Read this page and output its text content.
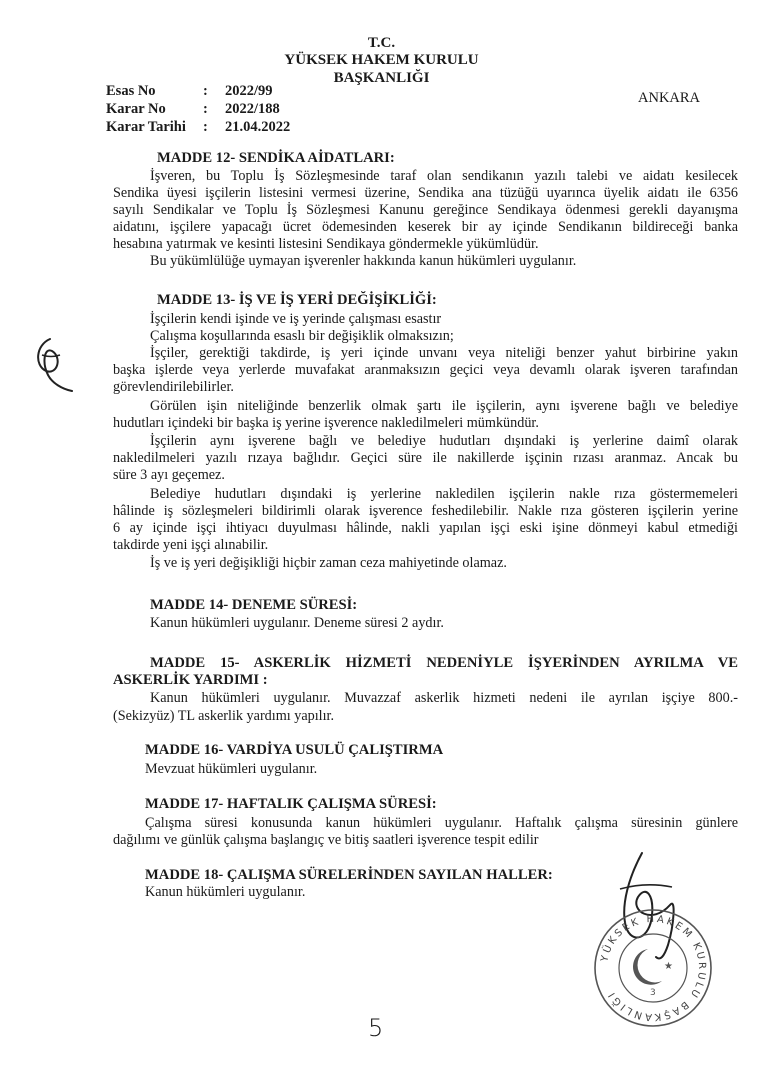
T.C.
YÜKSEK HAKEM KURULU
BAŞKANLIĞI
ANKARA
Esas No	: 2022/99
Karar No	: 2022/188
Karar Tarihi : 21.04.2022
MADDE 12- SENDİKA AİDATLARI:
İşveren, bu Toplu İş Sözleşmesinde taraf olan sendikanın yazılı talebi ve aidatı kesilecek
Sendika üyesi işçilerin listesini vermesi üzerine, Sendika ana tüzüğü uyarınca üyelik aidatı ile 6356
sayılı Sendikalar ve Toplu İş Sözleşmesi Kanunu gereğince Sendikaya ödenmesi gerekli dayanışma
aidatını, işçilere yapacağı ücret ödemesinden keserek bir ay içinde Sendikanın bildireceği banka
hesabına yatırmak ve kesinti listesini Sendikaya göndermekle yükümlüdür.
Bu yükümlülüğe uymayan işverenler hakkında kanun hükümleri uygulanır.
MADDE 13- İŞ VE İŞ YERİ DEĞİŞİKLİĞİ:
İşçilerin kendi işinde ve iş yerinde çalışması esastır
Çalışma koşullarında esaslı bir değişiklik olmaksızın;
İşçiler, gerektiği takdirde, iş yeri içinde unvanı veya niteliği benzer yahut birbirine yakın
başka işlerde veya yerlerde muvafakat aranmaksızın geçici veya devamlı olarak işveren tarafından
görevlendirilebilirler.
Görülen işin niteliğinde benzerlik olmak şartı ile işçilerin, aynı işverene bağlı ve belediye
hudutları içindeki bir başka iş yerine işverence nakledilmeleri mümkündür.
İşçilerin aynı işverene bağlı ve belediye hudutları dışındaki iş yerlerine daimî olarak
nakledilmeleri yazılı rızaya bağlıdır. Geçici süre ile nakillerde işçinin rızası aranmaz. Ancak bu
süre 3 ayı geçemez.
Belediye hudutları dışındaki iş yerlerine nakledilen işçilerin nakle rıza göstermemeleri
hâlinde iş sözleşmeleri bildirimli olarak işverence feshedilebilir. Nakle rıza gösteren işçilerin yerine
6 ay içinde işçi ihtiyacı duyulması hâlinde, nakli yapılan işçi eski işine dönmeyi kabul etmediği
takdirde yeni işçi alınabilir.
İş ve iş yeri değişikliği hiçbir zaman ceza mahiyetinde olamaz.
MADDE 14- DENEME SÜRESİ:
Kanun hükümleri uygulanır. Deneme süresi 2 aydır.
MADDE 15- ASKERLİK HİZMETİ NEDENİYLE İŞYERİNDEN AYRILMA VE
ASKERLİK YARDIMI :
Kanun hükümleri uygulanır. Muvazzaf askerlik hizmeti nedeni ile ayrılan işçiye 800.-
(Sekizyüz) TL askerlik yardımı yapılır.
MADDE 16- VARDİYA USULÜ ÇALIŞTIRMA
Mevzuat hükümleri uygulanır.
MADDE 17- HAFTALIK ÇALIŞMA SÜRESİ:
Çalışma süresi konusunda kanun hükümleri uygulanır. Haftalık çalışma süresinin günlere
dağılımı ve günlük çalışma başlangıç ve bitiş saatleri işverence tespit edilir
MADDE 18- ÇALIŞMA SÜRELERİNDEN SAYILAN HALLER:
Kanun hükümleri uygulanır.
YÜKSEK HAKEM KURULU BAŞKANLIĞI
★
3
5
